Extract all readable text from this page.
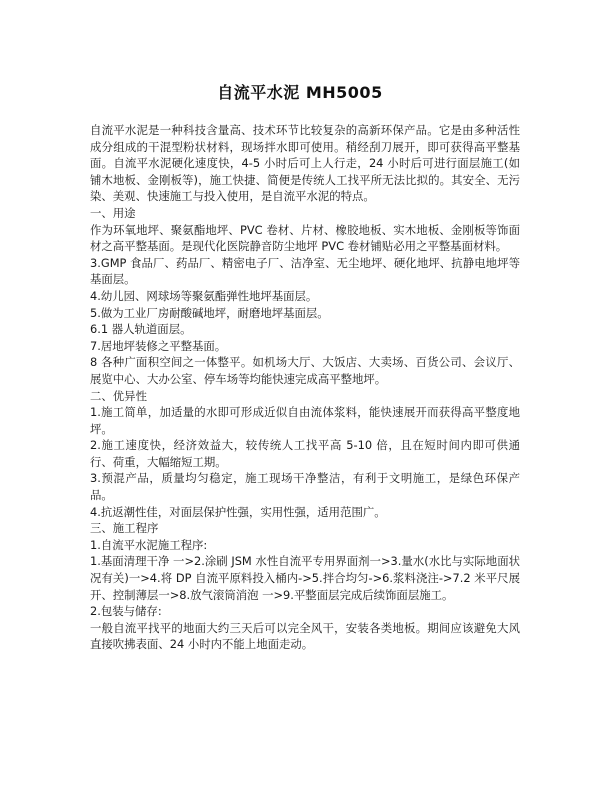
自流平水泥 MH5005

自流平水泥是一种科技含量高、技术环节比较复杂的高新环保产品。它是由多种活性成分组成的干混型粉状材料，现场拌水即可使用。稍经刮刀展开，即可获得高平整基面。自流平水泥硬化速度快，4-5 小时后可上人行走，24 小时后可进行面层施工(如铺木地板、金刚板等)，施工快捷、简便是传统人工找平所无法比拟的。其安全、无污染、美观、快速施工与投入使用，是自流平水泥的特点。

一、用途

作为环氧地坪、聚氨酯地坪、PVC 卷材、片材、橡胶地板、实木地板、金刚板等饰面材之高平整基面。是现代化医院静音防尘地坪 PVC 卷材铺贴必用之平整基面材料。

3.GMP 食品厂、药品厂、精密电子厂、洁净室、无尘地坪、硬化地坪、抗静电地坪等基面层。

4.幼儿园、网球场等聚氨酯弹性地坪基面层。

5.做为工业厂房耐酸碱地坪，耐磨地坪基面层。

6.1 器人轨道面层。

7.居地坪装修之平整基面。

8 各种广面积空间之一体整平。如机场大厅、大饭店、大卖场、百货公司、会议厅、展览中心、大办公室、停车场等均能快速完成高平整地坪。

二、优异性

1.施工简单，加适量的水即可形成近似自由流体浆料，能快速展开而获得高平整度地坪。

2.施工速度快，经济效益大，较传统人工找平高 5-10 倍，且在短时间内即可供通行、荷重，大幅缩短工期。

3.预混产品，质量均匀稳定，施工现场干净整洁，有利于文明施工，是绿色环保产品。

4.抗返潮性佳，对面层保护性强，实用性强，适用范围广。

三、施工程序

1.自流平水泥施工程序:

1.基面清理干净 一>2.涂刷 JSM 水性自流平专用界面剂一>3.量水(水比与实际地面状况有关)一>4.将 DP 自流平原料投入桶内->5.拌合均匀->6.浆料浇注->7.2 米平尺展开、控制薄层一>8.放气滚筒消泡 一>9.平整面层完成后续饰面层施工。

2.包装与储存:

一般自流平找平的地面大约三天后可以完全风干，安装各类地板。期间应该避免大风直接吹拂表面、24 小时内不能上地面走动。
